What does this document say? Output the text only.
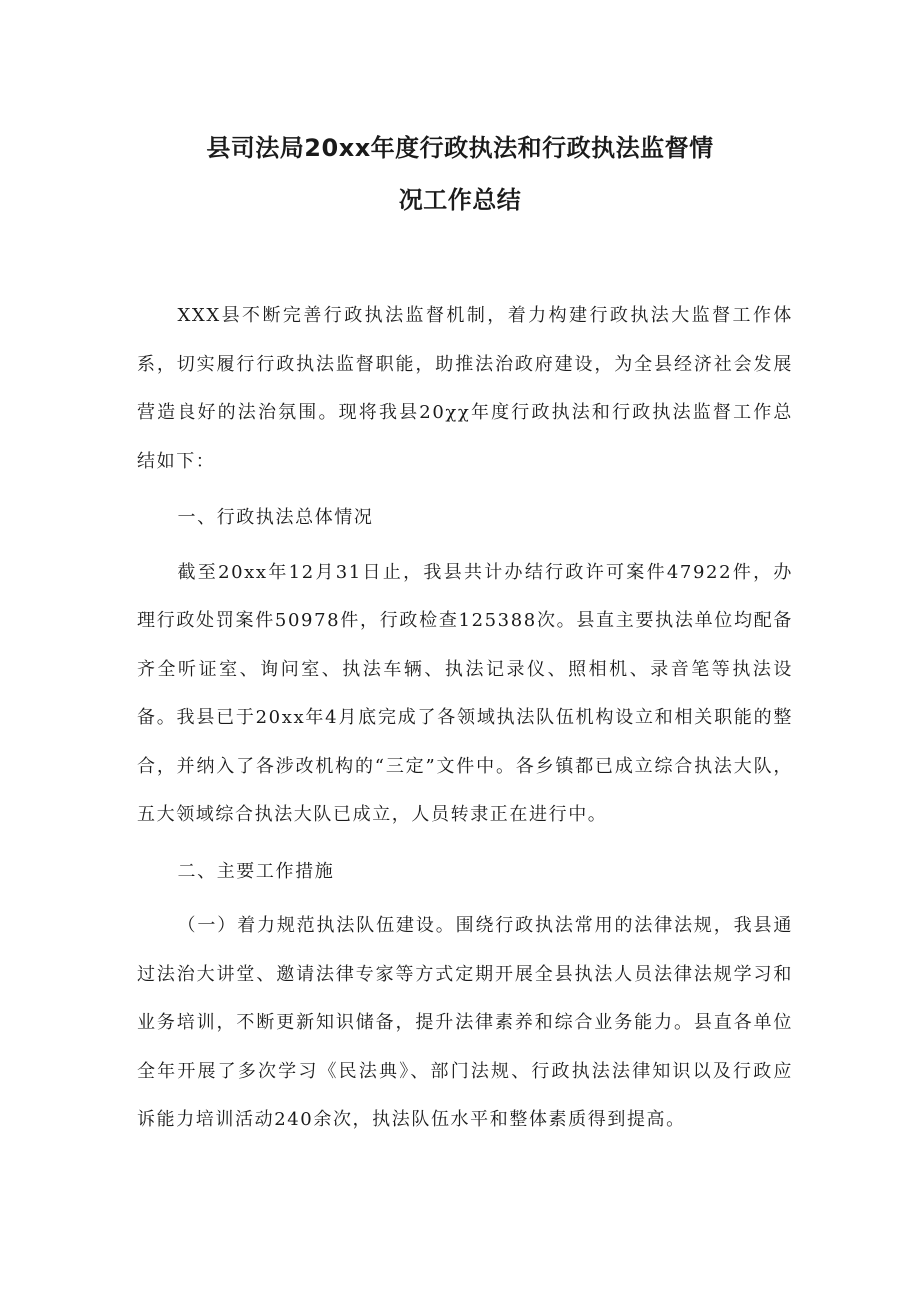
县司法局20xx年度行政执法和行政执法监督情
况工作总结

XXX县不断完善行政执法监督机制，着力构建行政执法大监督工作体系，切实履行行政执法监督职能，助推法治政府建设，为全县经济社会发展营造良好的法治氛围。现将我县20χχ年度行政执法和行政执法监督工作总结如下：

一、行政执法总体情况

截至20xx年12月31日止，我县共计办结行政许可案件47922件，办理行政处罚案件50978件，行政检查125388次。县直主要执法单位均配备齐全听证室、询问室、执法车辆、执法记录仪、照相机、录音笔等执法设备。我县已于20xx年4月底完成了各领域执法队伍机构设立和相关职能的整合，并纳入了各涉改机构的“三定”文件中。各乡镇都已成立综合执法大队，五大领域综合执法大队已成立，人员转隶正在进行中。

二、主要工作措施

（一）着力规范执法队伍建设。围绕行政执法常用的法律法规，我县通过法治大讲堂、邀请法律专家等方式定期开展全县执法人员法律法规学习和业务培训，不断更新知识储备，提升法律素养和综合业务能力。县直各单位全年开展了多次学习《民法典》、部门法规、行政执法法律知识以及行政应诉能力培训活动240余次，执法队伍水平和整体素质得到提高。
